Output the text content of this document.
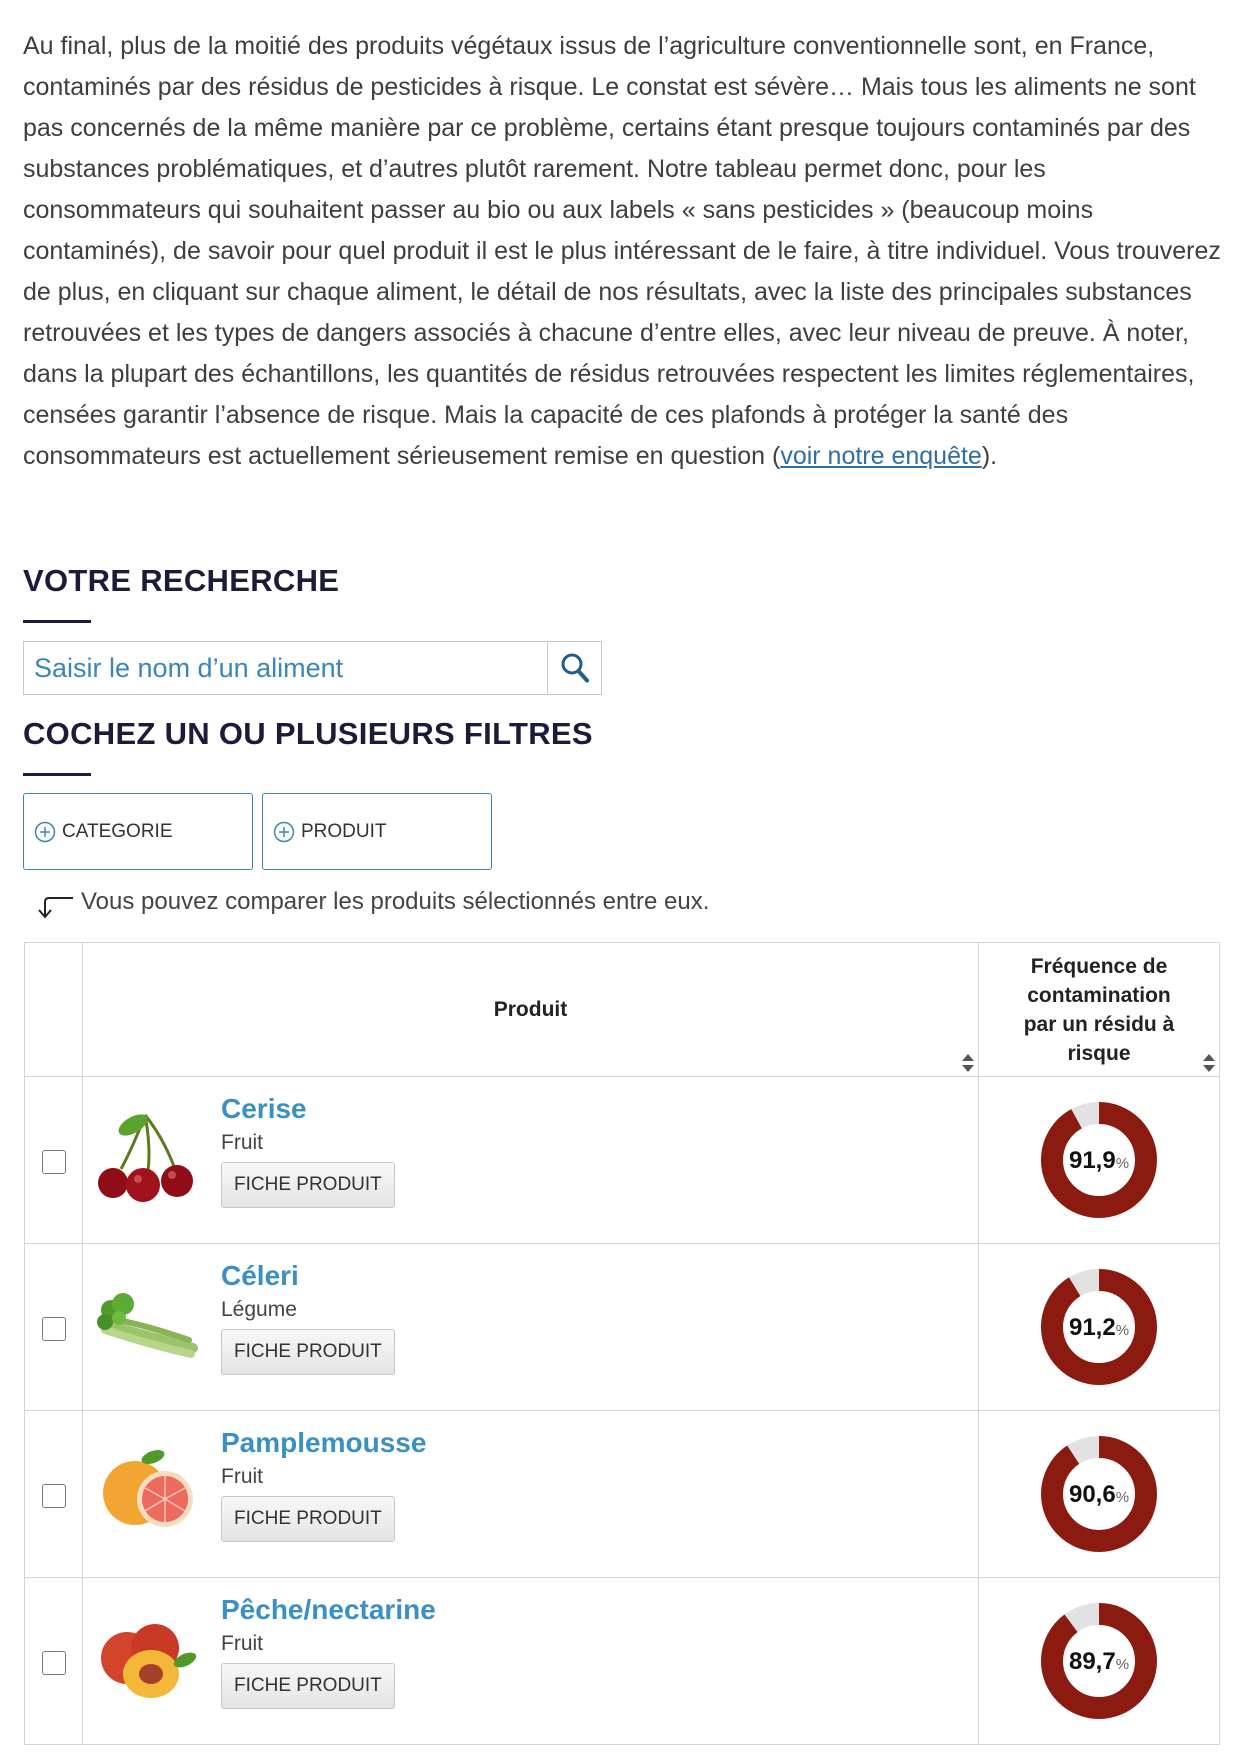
Au final, plus de la moitié des produits végétaux issus de l’agriculture conventionnelle sont, en France, contaminés par des résidus de pesticides à risque. Le constat est sévère… Mais tous les aliments ne sont pas concernés de la même manière par ce problème, certains étant presque toujours contaminés par des substances problématiques, et d’autres plutôt rarement. Notre tableau permet donc, pour les consommateurs qui souhaitent passer au bio ou aux labels « sans pesticides » (beaucoup moins contaminés), de savoir pour quel produit il est le plus intéressant de le faire, à titre individuel. Vous trouverez de plus, en cliquant sur chaque aliment, le détail de nos résultats, avec la liste des principales substances retrouvées et les types de dangers associés à chacune d’entre elles, avec leur niveau de preuve. À noter, dans la plupart des échantillons, les quantités de résidus retrouvées respectent les limites réglementaires, censées garantir l’absence de risque. Mais la capacité de ces plafonds à protéger la santé des consommateurs est actuellement sérieusement remise en question (voir notre enquête).

VOTRE RECHERCHE
Saisir le nom d’un aliment
COCHEZ UN OU PLUSIEURS FILTRES
CATEGORIE	PRODUIT
Vous pouvez comparer les produits sélectionnés entre eux.
	Produit	Fréquence de contamination par un résidu à risque

	Cerise
Fruit
FICHE PRODUIT	91,9%

	Céleri
Légume
FICHE PRODUIT	91,2%

	Pamplemousse
Fruit
FICHE PRODUIT	90,6%

	Pêche/nectarine
Fruit
FICHE PRODUIT	89,7%
